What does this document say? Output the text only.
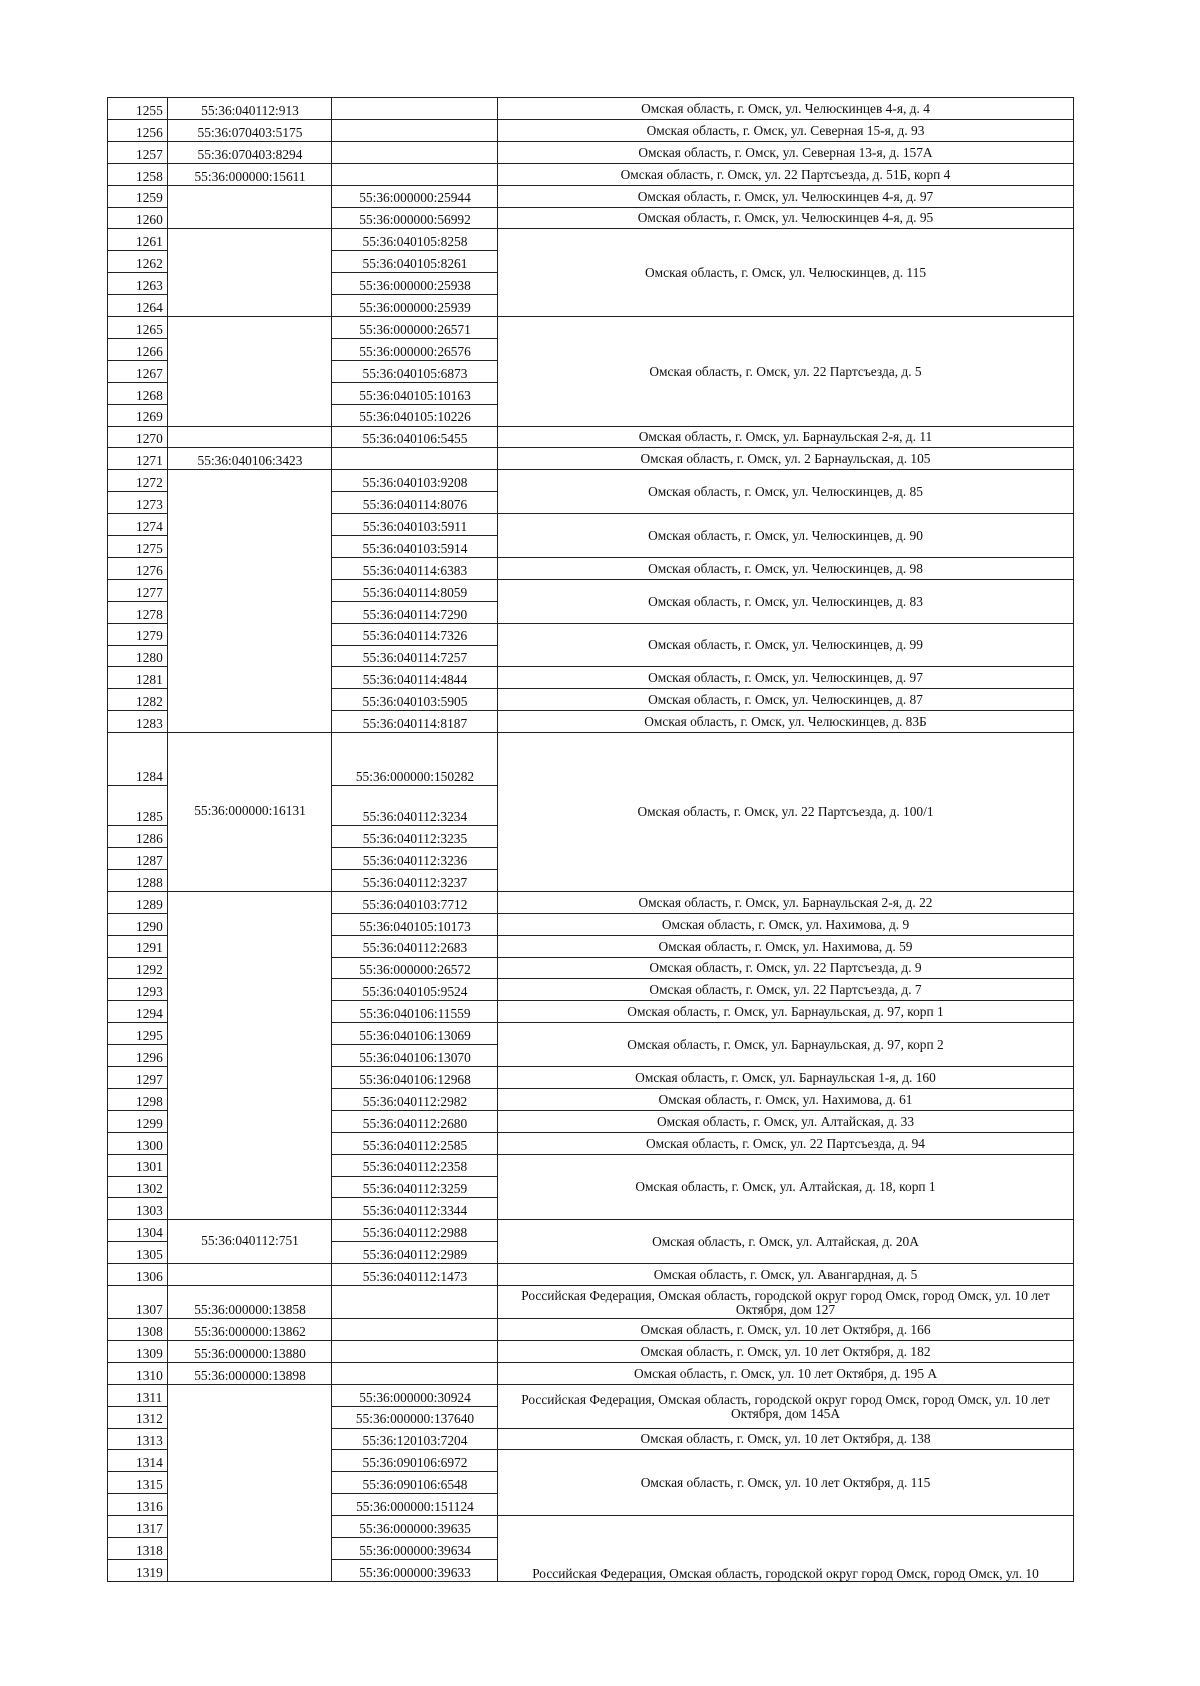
1255
1256
1257
1258
1259
1260
1261
1262
1263
1264
1265
1266
1267
1268
1269
1270
1271
1272
1273
1274
1275
1276
1277
1278
1279
1280
1281
1282
1283
1284
1285
1286
1287
1288
1289
1290
1291
1292
1293
1294
1295
1296
1297
1298
1299
1300
1301
1302
1303
1304
1305
1306
1307
1308
1309
1310
1311
1312
1313
1314
1315
1316
1317
1318
1319
55:36:040112:913
55:36:070403:5175
55:36:070403:8294
55:36:000000:15611
55:36:040106:3423
55:36:000000:16131
55:36:040112:751
55:36:000000:13858
55:36:000000:13862
55:36:000000:13880
55:36:000000:13898
55:36:000000:25944
55:36:000000:56992
55:36:040105:8258
55:36:040105:8261
55:36:000000:25938
55:36:000000:25939
55:36:000000:26571
55:36:000000:26576
55:36:040105:6873
55:36:040105:10163
55:36:040105:10226
55:36:040106:5455
55:36:040103:9208
55:36:040114:8076
55:36:040103:5911
55:36:040103:5914
55:36:040114:6383
55:36:040114:8059
55:36:040114:7290
55:36:040114:7326
55:36:040114:7257
55:36:040114:4844
55:36:040103:5905
55:36:040114:8187
55:36:000000:150282
55:36:040112:3234
55:36:040112:3235
55:36:040112:3236
55:36:040112:3237
55:36:040103:7712
55:36:040105:10173
55:36:040112:2683
55:36:000000:26572
55:36:040105:9524
55:36:040106:11559
55:36:040106:13069
55:36:040106:13070
55:36:040106:12968
55:36:040112:2982
55:36:040112:2680
55:36:040112:2585
55:36:040112:2358
55:36:040112:3259
55:36:040112:3344
55:36:040112:2988
55:36:040112:2989
55:36:040112:1473
55:36:000000:30924
55:36:000000:137640
55:36:120103:7204
55:36:090106:6972
55:36:090106:6548
55:36:000000:151124
55:36:000000:39635
55:36:000000:39634
55:36:000000:39633
Омская область, г. Омск, ул. Челюскинцев 4-я, д. 4
Омская область, г. Омск, ул. Северная 15-я, д. 93
Омская область, г. Омск, ул. Северная 13-я, д. 157А
Омская область, г. Омск, ул. 22 Партсъезда, д. 51Б, корп 4
Омская область, г. Омск, ул. Челюскинцев 4-я, д. 97
Омская область, г. Омск, ул. Челюскинцев 4-я, д. 95
Омская область, г. Омск, ул. Челюскинцев, д. 115
Омская область, г. Омск, ул. 22 Партсъезда, д. 5
Омская область, г. Омск, ул. Барнаульская 2-я, д. 11
Омская область, г. Омск, ул. 2 Барнаульская, д. 105
Омская область, г. Омск, ул. Челюскинцев, д. 85
Омская область, г. Омск, ул. Челюскинцев, д. 90
Омская область, г. Омск, ул. Челюскинцев, д. 98
Омская область, г. Омск, ул. Челюскинцев, д. 83
Омская область, г. Омск, ул. Челюскинцев, д. 99
Омская область, г. Омск, ул. Челюскинцев, д. 97
Омская область, г. Омск, ул. Челюскинцев, д. 87
Омская область, г. Омск, ул. Челюскинцев, д. 83Б
Омская область, г. Омск, ул. 22 Партсъезда, д. 100/1
Омская область, г. Омск, ул. Барнаульская 2-я, д. 22
Омская область, г. Омск, ул. Нахимова, д. 9
Омская область, г. Омск, ул. Нахимова, д. 59
Омская область, г. Омск, ул. 22 Партсъезда, д. 9
Омская область, г. Омск, ул. 22 Партсъезда, д. 7
Омская область, г. Омск, ул. Барнаульская, д. 97, корп 1
Омская область, г. Омск, ул. Барнаульская, д. 97, корп 2
Омская область, г. Омск, ул. Барнаульская 1-я, д. 160
Омская область, г. Омск, ул. Нахимова, д. 61
Омская область, г. Омск, ул. Алтайская, д. 33
Омская область, г. Омск, ул. 22 Партсъезда, д. 94
Омская область, г. Омск, ул. Алтайская, д. 18, корп 1
Омская область, г. Омск, ул. Алтайская, д. 20А
Омская область, г. Омск, ул. Авангардная, д. 5
Российская Федерация, Омская область, городской округ город Омск, город Омск, ул. 10 лет Октября, дом 127
Омская область, г. Омск, ул. 10 лет Октября, д. 166
Омская область, г. Омск, ул. 10 лет Октября, д. 182
Омская область, г. Омск, ул. 10 лет Октября, д. 195 А
Российская Федерация, Омская область, городской округ город Омск, город Омск, ул. 10 лет Октября, дом 145А
Омская область, г. Омск, ул. 10 лет Октября, д. 138
Омская область, г. Омск, ул. 10 лет Октября, д. 115
Российская Федерация, Омская область, городской округ город Омск, город Омск, ул. 10
